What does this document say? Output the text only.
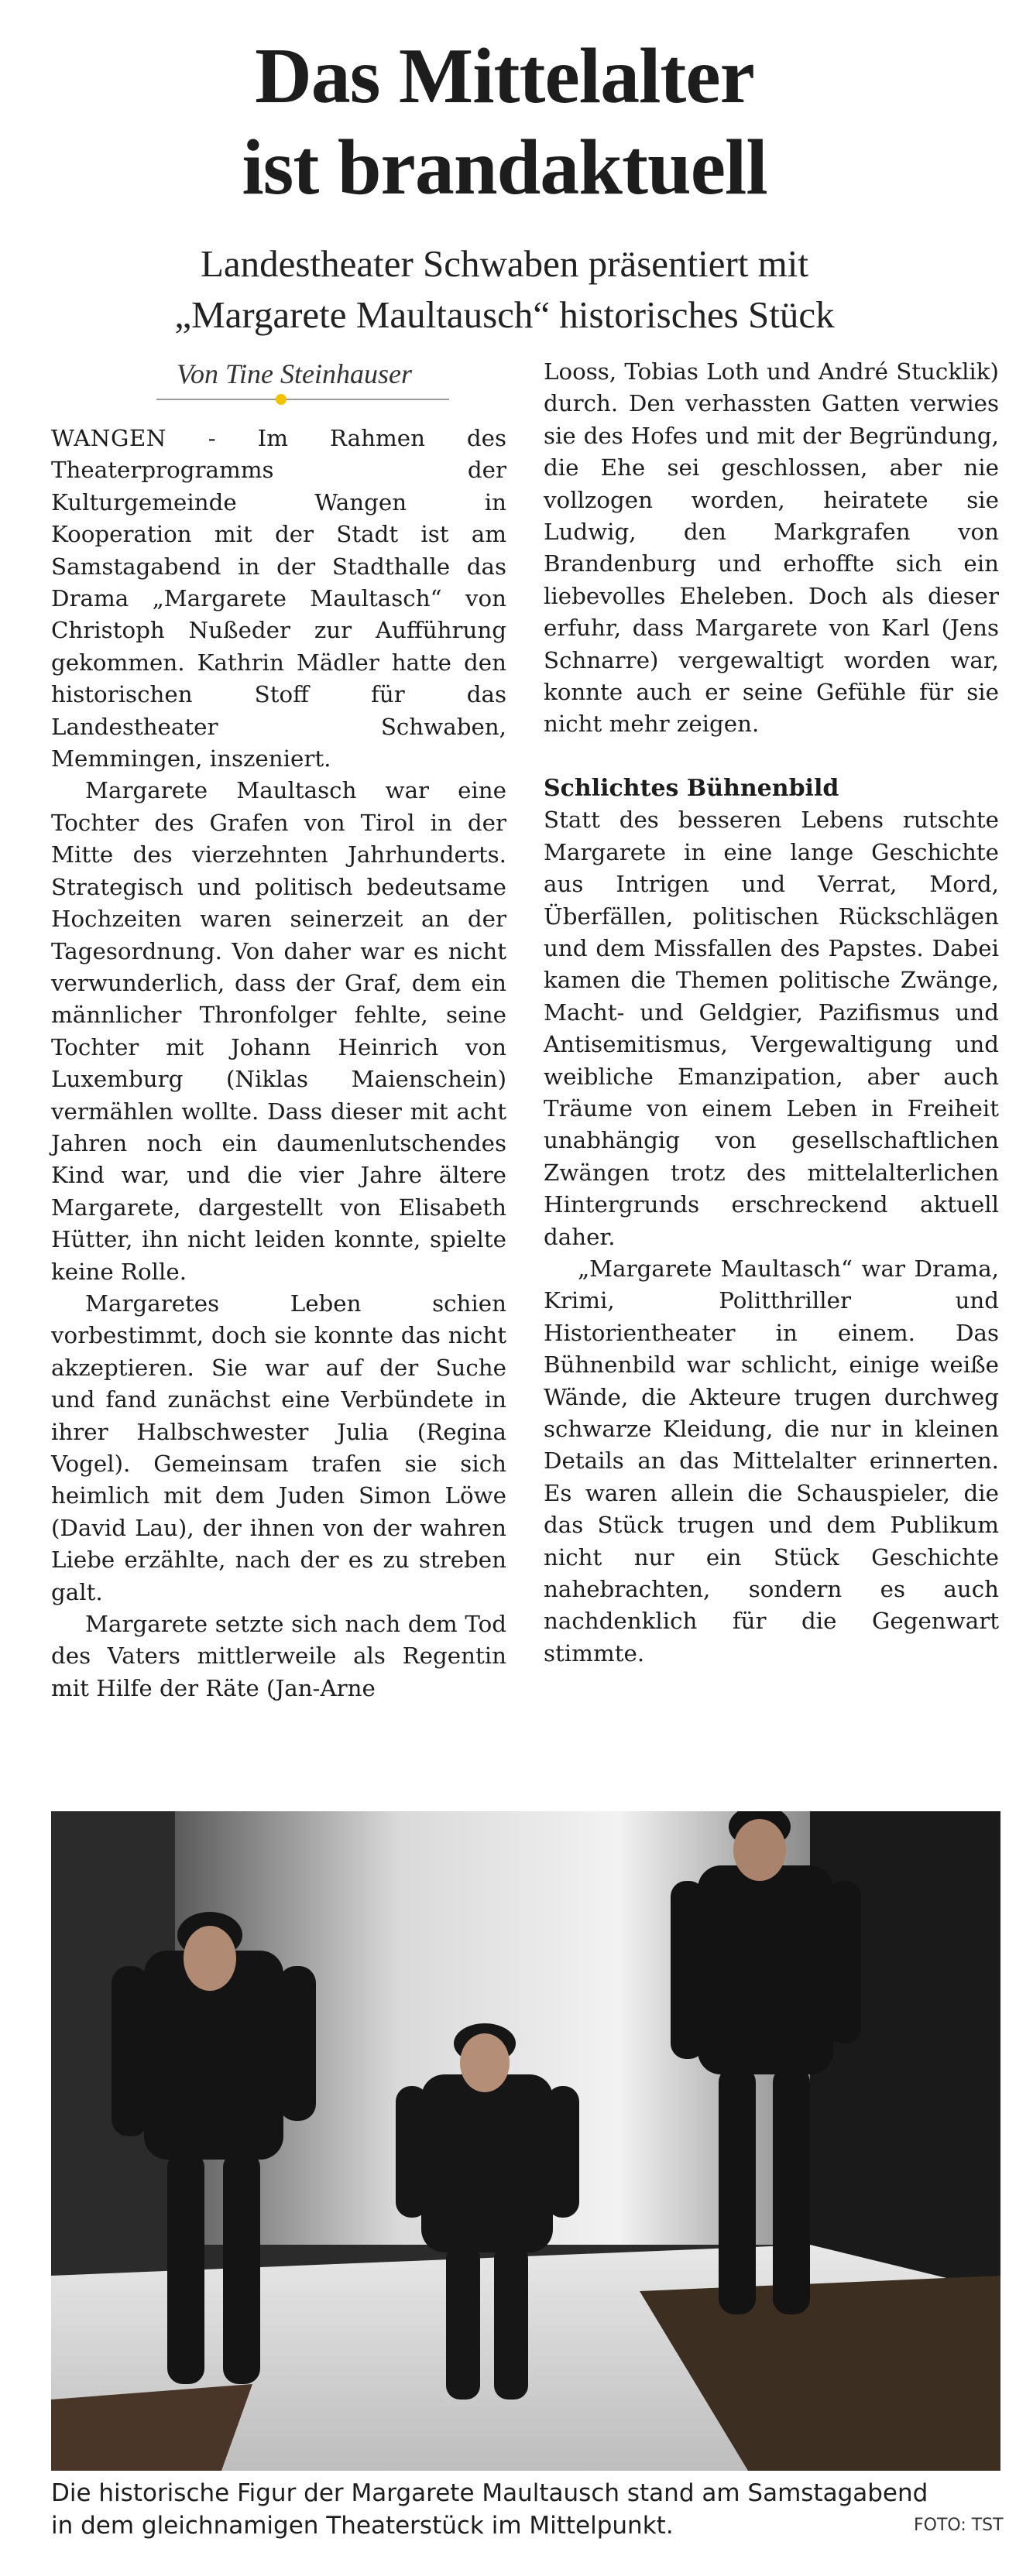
Das Mittelalter
ist brandaktuell
Landestheater Schwaben präsentiert mit
„Margarete Maultausch“ historisches Stück
Von Tine Steinhauser

WANGEN - Im Rahmen des Theaterprogramms der Kulturgemeinde Wangen in Kooperation mit der Stadt ist am Samstagabend in der Stadthalle das Drama „Margarete Maultasch“ von Christoph Nußeder zur Aufführung gekommen. Kathrin Mädler hatte den historischen Stoff für das Landestheater Schwaben, Memmingen, inszeniert.

Margarete Maultasch war eine Tochter des Grafen von Tirol in der Mitte des vierzehnten Jahrhunderts. Strategisch und politisch bedeutsame Hochzeiten waren seinerzeit an der Tagesordnung. Von daher war es nicht verwunderlich, dass der Graf, dem ein männlicher Thronfolger fehlte, seine Tochter mit Johann Heinrich von Luxemburg (Niklas Maienschein) vermählen wollte. Dass dieser mit acht Jahren noch ein daumenlutschendes Kind war, und die vier Jahre ältere Margarete, dargestellt von Elisabeth Hütter, ihn nicht leiden konnte, spielte keine Rolle.

Margaretes Leben schien vorbestimmt, doch sie konnte das nicht akzeptieren. Sie war auf der Suche und fand zunächst eine Verbündete in ihrer Halbschwester Julia (Regina Vogel). Gemeinsam trafen sie sich heimlich mit dem Juden Simon Löwe (David Lau), der ihnen von der wahren Liebe erzählte, nach der es zu streben galt.

Margarete setzte sich nach dem Tod des Vaters mittlerweile als Regentin mit Hilfe der Räte (Jan-Arne

Looss, Tobias Loth und André Stucklik) durch. Den verhassten Gatten verwies sie des Hofes und mit der Begründung, die Ehe sei geschlossen, aber nie vollzogen worden, heiratete sie Ludwig, den Markgrafen von Brandenburg und erhoffte sich ein liebevolles Eheleben. Doch als dieser erfuhr, dass Margarete von Karl (Jens Schnarre) vergewaltigt worden war, konnte auch er seine Gefühle für sie nicht mehr zeigen.

Schlichtes Bühnenbild

Statt des besseren Lebens rutschte Margarete in eine lange Geschichte aus Intrigen und Verrat, Mord, Überfällen, politischen Rückschlägen und dem Missfallen des Papstes. Dabei kamen die Themen politische Zwänge, Macht- und Geldgier, Pazifismus und Antisemitismus, Vergewaltigung und weibliche Emanzipation, aber auch Träume von einem Leben in Freiheit unabhängig von gesellschaftlichen Zwängen trotz des mittelalterlichen Hintergrunds erschreckend aktuell daher.

„Margarete Maultasch“ war Drama, Krimi, Politthriller und Historientheater in einem. Das Bühnenbild war schlicht, einige weiße Wände, die Akteure trugen durchweg schwarze Kleidung, die nur in kleinen Details an das Mittelalter erinnerten. Es waren allein die Schauspieler, die das Stück trugen und dem Publikum nicht nur ein Stück Geschichte nahebrachten, sondern es auch nachdenklich für die Gegenwart stimmte.

Die historische Figur der Margarete Maultausch stand am Samstagabend
in dem gleichnamigen Theaterstück im Mittelpunkt.	FOTO: TST
